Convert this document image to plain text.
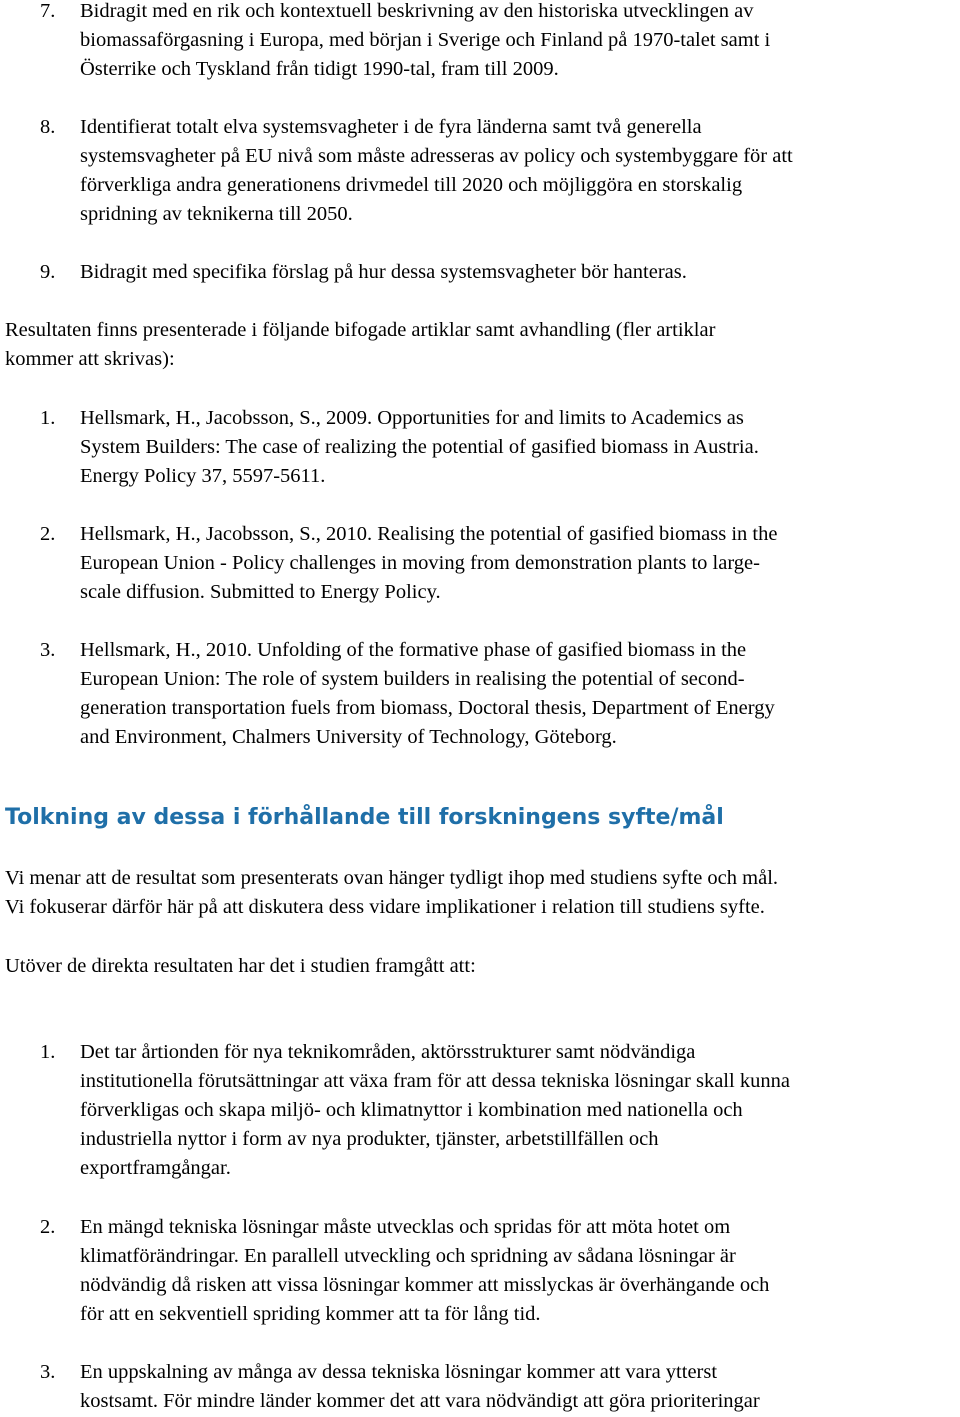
7. Bidragit med en rik och kontextuell beskrivning av den historiska utvecklingen av
biomassaförgasning i Europa, med början i Sverige och Finland på 1970-talet samt i
Österrike och Tyskland från tidigt 1990-tal, fram till 2009.
8. Identifierat totalt elva systemsvagheter i de fyra länderna samt två generella
systemsvagheter på EU nivå som måste adresseras av policy och systembyggare för att
förverkliga andra generationens drivmedel till 2020 och möjliggöra en storskalig
spridning av teknikerna till 2050.
9. Bidragit med specifika förslag på hur dessa systemsvagheter bör hanteras.
Resultaten finns presenterade i följande bifogade artiklar samt avhandling (fler artiklar
kommer att skrivas):
1. Hellsmark, H., Jacobsson, S., 2009. Opportunities for and limits to Academics as
System Builders: The case of realizing the potential of gasified biomass in Austria.
Energy Policy 37, 5597-5611.
2. Hellsmark, H., Jacobsson, S., 2010. Realising the potential of gasified biomass in the
European Union - Policy challenges in moving from demonstration plants to large-
scale diffusion. Submitted to Energy Policy.
3. Hellsmark, H., 2010. Unfolding of the formative phase of gasified biomass in the
European Union: The role of system builders in realising the potential of second-
generation transportation fuels from biomass, Doctoral thesis, Department of Energy
and Environment, Chalmers University of Technology, Göteborg.
Tolkning av dessa i förhållande till forskningens syfte/mål
Vi menar att de resultat som presenterats ovan hänger tydligt ihop med studiens syfte och mål.
Vi fokuserar därför här på att diskutera dess vidare implikationer i relation till studiens syfte.
Utöver de direkta resultaten har det i studien framgått att:
1. Det tar årtionden för nya teknikområden, aktörsstrukturer samt nödvändiga
institutionella förutsättningar att växa fram för att dessa tekniska lösningar skall kunna
förverkligas och skapa miljö- och klimatnyttor i kombination med nationella och
industriella nyttor i form av nya produkter, tjänster, arbetstillfällen och
exportframgångar.
2. En mängd tekniska lösningar måste utvecklas och spridas för att möta hotet om
klimatförändringar. En parallell utveckling och spridning av sådana lösningar är
nödvändig då risken att vissa lösningar kommer att misslyckas är överhängande och
för att en sekventiell spriding kommer att ta för lång tid.
3. En uppskalning av många av dessa tekniska lösningar kommer att vara ytterst
kostsamt. För mindre länder kommer det att vara nödvändigt att göra prioriteringar
